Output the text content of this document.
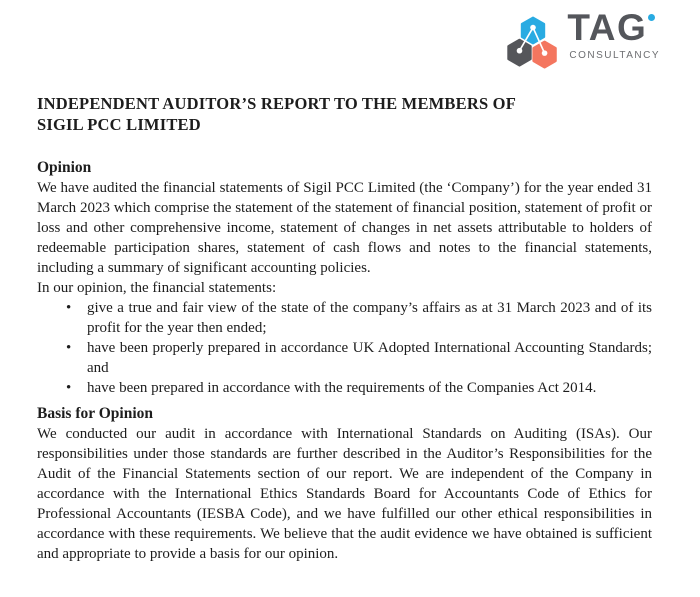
TAG
CONSULTANCY
INDEPENDENT AUDITOR’S REPORT TO THE MEMBERS OF
SIGIL PCC LIMITED
Opinion

We have audited the financial statements of Sigil PCC Limited (the ‘Company’) for the year ended 31 March 2023 which comprise the statement of the statement of financial position, statement of profit or loss and other comprehensive income, statement of changes in net assets attributable to holders of redeemable participation shares, statement of cash flows and notes to the financial statements, including a summary of significant accounting policies.

In our opinion, the financial statements:

• give a true and fair view of the state of the company’s affairs as at 31 March 2023 and of its profit for the year then ended;
• have been properly prepared in accordance UK Adopted International Accounting Standards; and
• have been prepared in accordance with the requirements of the Companies Act 2014.
Basis for Opinion

We conducted our audit in accordance with International Standards on Auditing (ISAs). Our responsibilities under those standards are further described in the Auditor’s Responsibilities for the Audit of the Financial Statements section of our report. We are independent of the Company in accordance with the International Ethics Standards Board for Accountants Code of Ethics for Professional Accountants (IESBA Code), and we have fulfilled our other ethical responsibilities in accordance with these requirements. We believe that the audit evidence we have obtained is sufficient and appropriate to provide a basis for our opinion.
